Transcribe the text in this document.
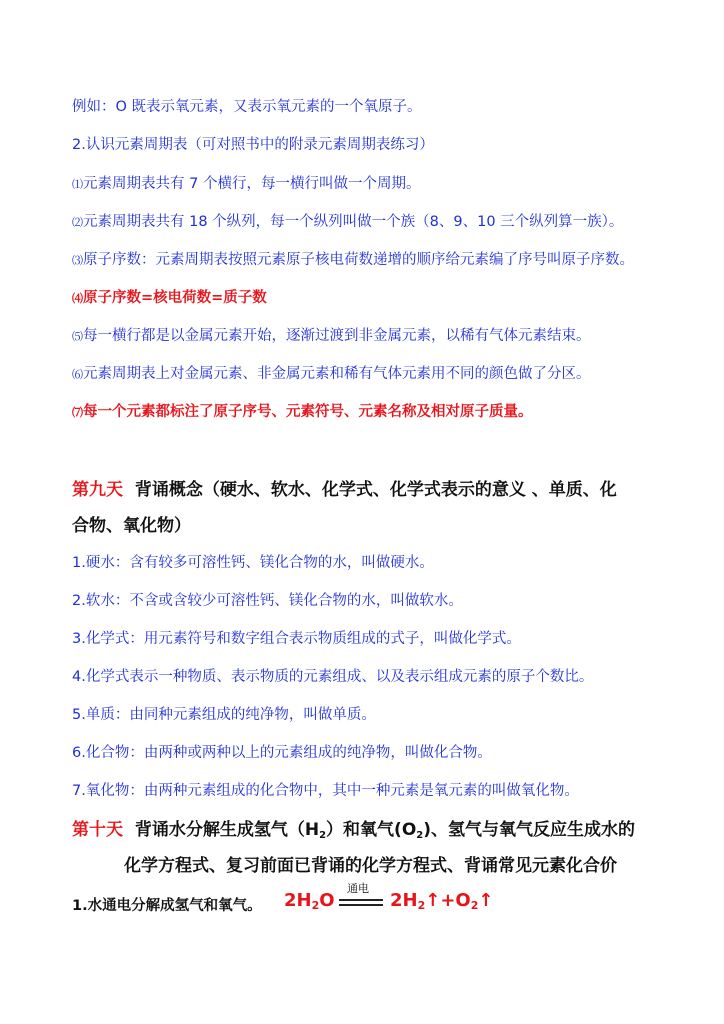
例如：O 既表示氧元素，又表示氧元素的一个氧原子。
2.认识元素周期表（可对照书中的附录元素周期表练习）
⑴元素周期表共有 7 个横行，每一横行叫做一个周期。
⑵元素周期表共有 18 个纵列，每一个纵列叫做一个族（8、9、10 三个纵列算一族）。
⑶原子序数：元素周期表按照元素原子核电荷数递增的顺序给元素编了序号叫原子序数。
⑷原子序数=核电荷数=质子数
⑸每一横行都是以金属元素开始，逐渐过渡到非金属元素，以稀有气体元素结束。
⑹元素周期表上对金属元素、非金属元素和稀有气体元素用不同的颜色做了分区。
⑺每一个元素都标注了原子序号、元素符号、元素名称及相对原子质量。
第九天 背诵概念（硬水、软水、化学式、化学式表示的意义 、单质、化
合物、氧化物）
1.硬水：含有较多可溶性钙、镁化合物的水，叫做硬水。
2.软水：不含或含较少可溶性钙、镁化合物的水，叫做软水。
3.化学式：用元素符号和数字组合表示物质组成的式子，叫做化学式。
4.化学式表示一种物质、表示物质的元素组成、以及表示组成元素的原子个数比。
5.单质：由同种元素组成的纯净物，叫做单质。
6.化合物：由两种或两种以上的元素组成的纯净物，叫做化合物。
7.氧化物：由两种元素组成的化合物中，其中一种元素是氧元素的叫做氧化物。
第十天 背诵水分解生成氢气$(H_2)$和氧气$(O_2)$、氢气与氧气反应生成水的
化学方程式、复习前面已背诵的化学方程式、背诵常见元素化合价
1.水通电分解成氢气和氧气。 2H2O
通电
2H2↑+O2↑
